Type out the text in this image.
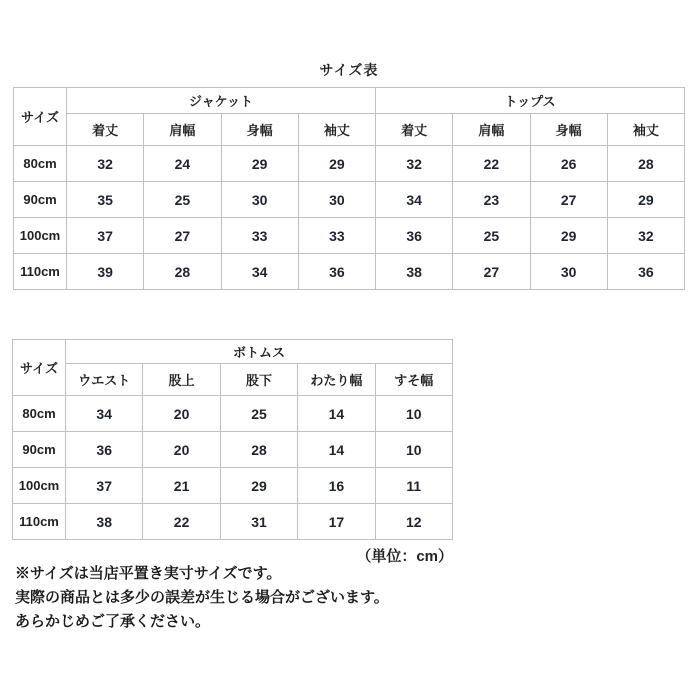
サイズ表
サイズ	ジャケット				トップス			
	着丈	肩幅	身幅	袖丈	着丈	肩幅	身幅	袖丈
80cm	32	24	29	29	32	22	26	28
90cm	35	25	30	30	34	23	27	29
100cm	37	27	33	33	36	25	29	32
110cm	39	28	34	36	38	27	30	36
サイズ	ボトムス				
	ウエスト	股上	股下	わたり幅	すそ幅
80cm	34	20	25	14	10
90cm	36	20	28	14	10
100cm	37	21	29	16	11
110cm	38	22	31	17	12
（単位：cm）
※サイズは当店平置き実寸サイズです。
実際の商品とは多少の誤差が生じる場合がございます。
あらかじめご了承ください。
